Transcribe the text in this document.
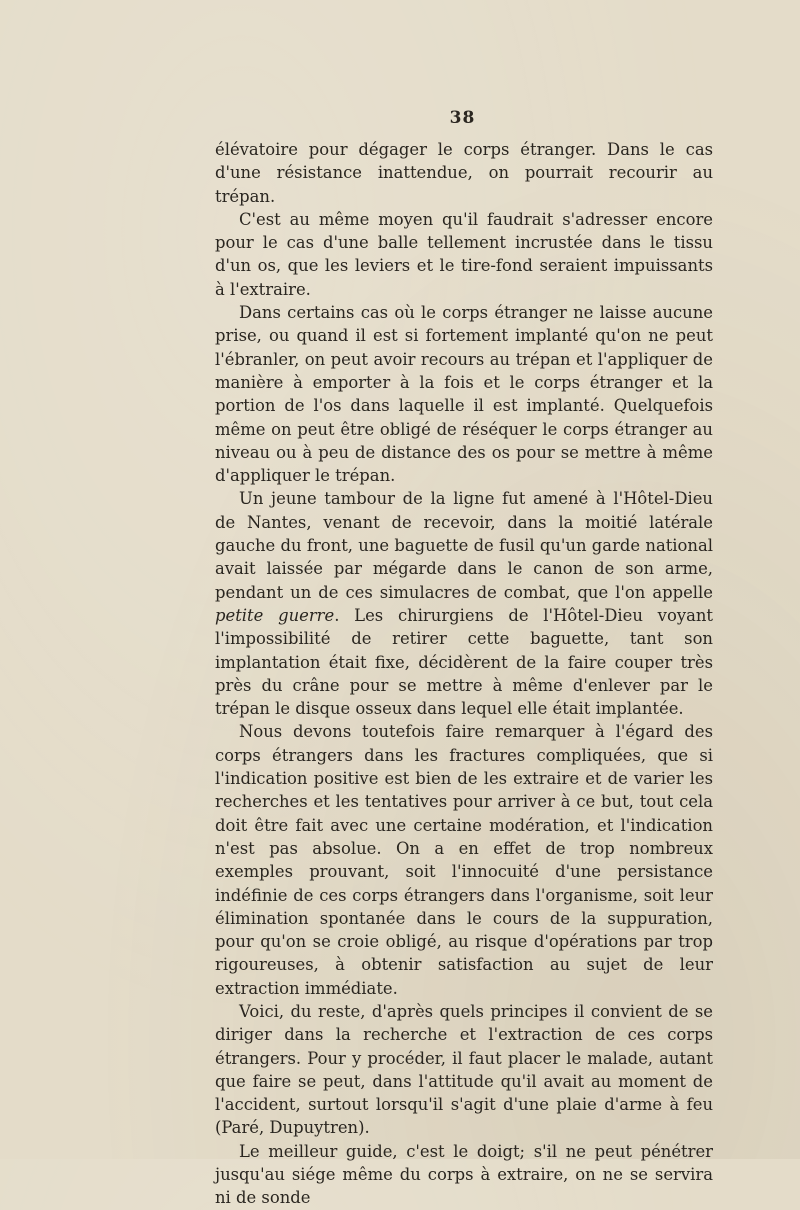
38

élévatoire pour dégager le corps étranger. Dans le cas d'une résistance inattendue, on pourrait recourir au trépan.

C'est au même moyen qu'il faudrait s'adresser encore pour le cas d'une balle tellement incrustée dans le tissu d'un os, que les leviers et le tire-fond seraient impuissants à l'extraire.

Dans certains cas où le corps étranger ne laisse aucune prise, ou quand il est si fortement implanté qu'on ne peut l'ébranler, on peut avoir recours au trépan et l'appliquer de manière à emporter à la fois et le corps étranger et la portion de l'os dans laquelle il est implanté. Quelquefois même on peut être obligé de réséquer le corps étranger au niveau ou à peu de distance des os pour se mettre à même d'appliquer le trépan.

Un jeune tambour de la ligne fut amené à l'Hôtel-Dieu de Nantes, venant de recevoir, dans la moitié latérale gauche du front, une baguette de fusil qu'un garde national avait laissée par mégarde dans le canon de son arme, pendant un de ces simulacres de combat, que l'on appelle petite guerre. Les chirurgiens de l'Hôtel-Dieu voyant l'impossibilité de retirer cette baguette, tant son implantation était fixe, décidèrent de la faire couper très près du crâne pour se mettre à même d'enlever par le trépan le disque osseux dans lequel elle était implantée.

Nous devons toutefois faire remarquer à l'égard des corps étrangers dans les fractures compliquées, que si l'indication positive est bien de les extraire et de varier les recherches et les tentatives pour arriver à ce but, tout cela doit être fait avec une certaine modération, et l'indication n'est pas absolue. On a en effet de trop nombreux exemples prouvant, soit l'innocuité d'une persistance indéfinie de ces corps étrangers dans l'organisme, soit leur élimination spontanée dans le cours de la suppuration, pour qu'on se croie obligé, au risque d'opérations par trop rigoureuses, à obtenir satisfaction au sujet de leur extraction immédiate.

Voici, du reste, d'après quels principes il convient de se diriger dans la recherche et l'extraction de ces corps étrangers. Pour y procéder, il faut placer le malade, autant que faire se peut, dans l'attitude qu'il avait au moment de l'accident, surtout lorsqu'il s'agit d'une plaie d'arme à feu (Paré, Dupuytren).

Le meilleur guide, c'est le doigt; s'il ne peut pénétrer jusqu'au siége même du corps à extraire, on ne se servira ni de sonde
